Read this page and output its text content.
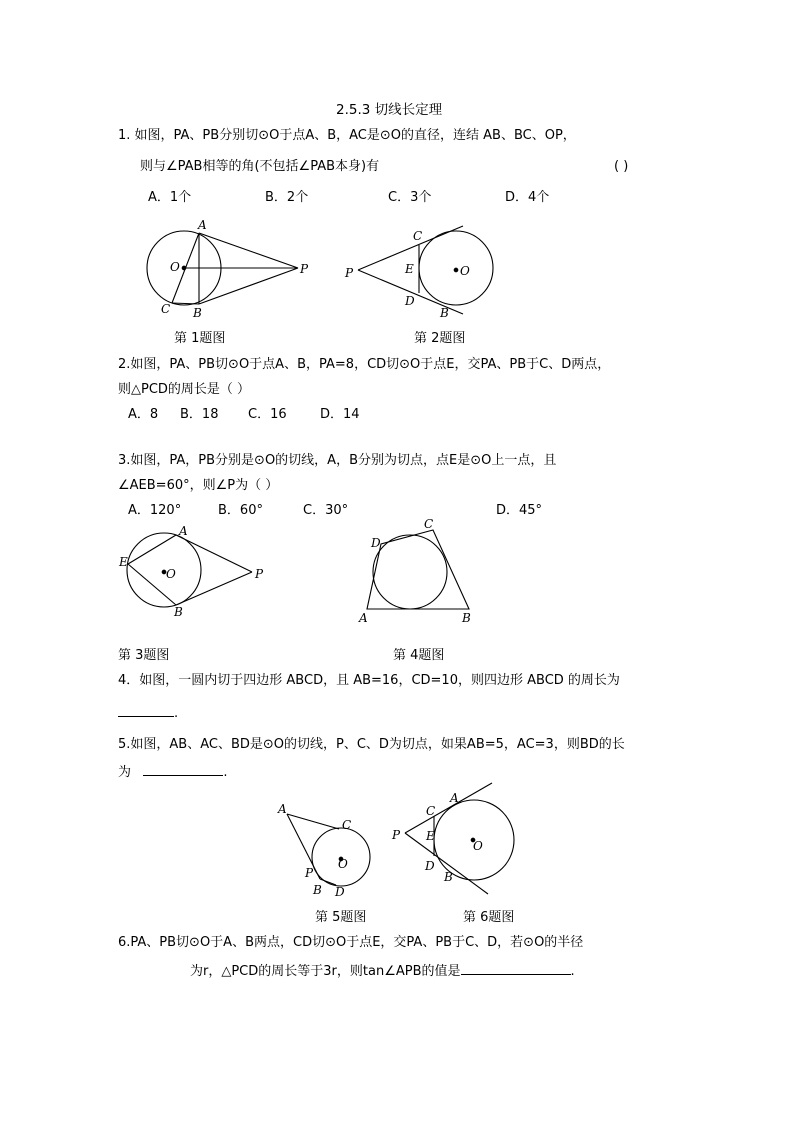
2.5.3 切线长定理
1. 如图，PA、PB分别切⊙O于点A、B，AC是⊙O的直径，连结 AB、BC、OP，
则与∠PAB相等的角(不包括∠PAB本身)有	( )
A．1个	B．2个	C．3个	D．4个
A
O	P
C B
C
P	E	O
D
B
A
E
O	P
B
C
D
A	B
A
C
O
P
B D
C
A
P E
O
D
B
第 1题图	第 2题图
2.如图，PA、PB切⊙O于点A、B，PA=8，CD切⊙O于点E，交PA、PB于C、D两点，
则△PCD的周长是（ ）
A．8 B．18 C．16	D．14
3.如图，PA，PB分别是⊙O的切线，A，B分别为切点，点E是⊙O上一点，且
∠AEB=60°，则∠P为（ ）
A．120°	B．60°	C．30°	D．45°
第 3题图	第 4题图
4．如图，一圆内切于四边形 ABCD，且 AB=16，CD=10，则四边形 ABCD 的周长为
.
5.如图，AB、AC、BD是⊙O的切线，P、C、D为切点，如果AB=5，AC=3，则BD的长
为	.
第 5题图	第 6题图
6.PA、PB切⊙O于A、B两点，CD切⊙O于点E，交PA、PB于C、D，若⊙O的半径
为r，△PCD的周长等于3r，则tan∠APB的值是	.
